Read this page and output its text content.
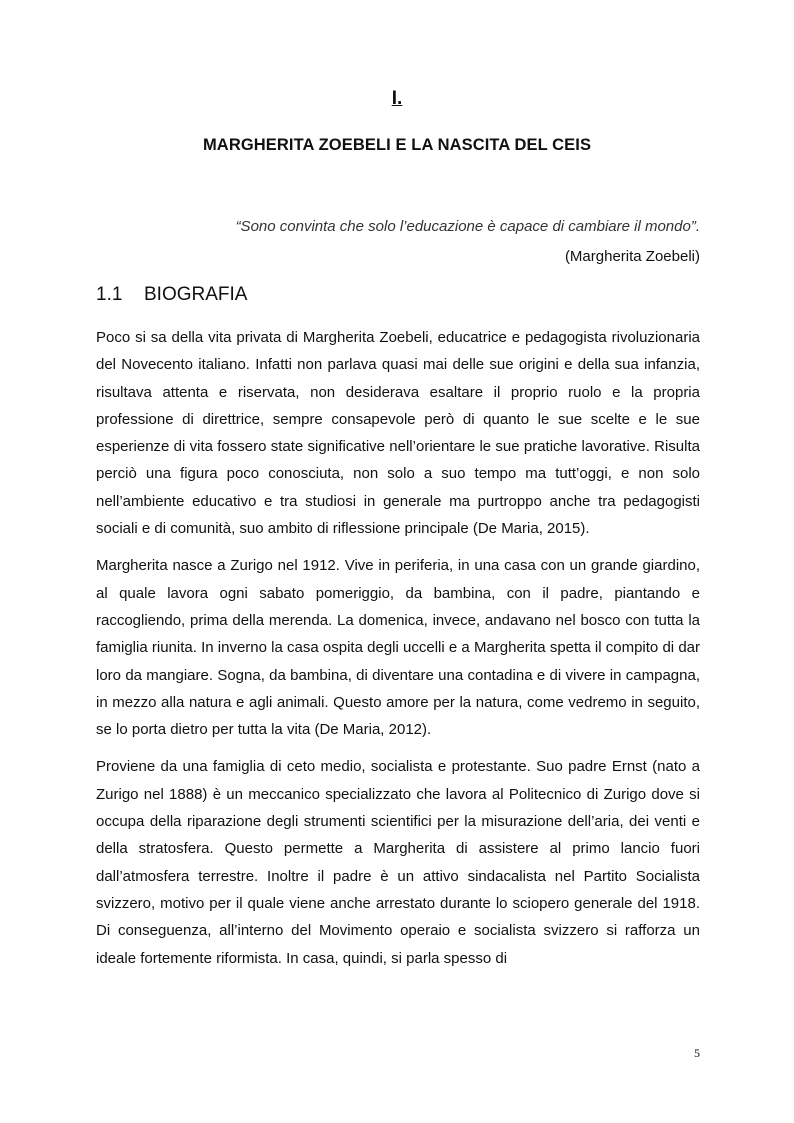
I.
MARGHERITA ZOEBELI E LA NASCITA DEL CEIS
“Sono convinta che solo l’educazione è capace di cambiare il mondo”.
(Margherita Zoebeli)
1.1 BIOGRAFIA

Poco si sa della vita privata di Margherita Zoebeli, educatrice e pedagogista rivoluzionaria del Novecento italiano. Infatti non parlava quasi mai delle sue origini e della sua infanzia, risultava attenta e riservata, non desiderava esaltare il proprio ruolo e la propria professione di direttrice, sempre consapevole però di quanto le sue scelte e le sue esperienze di vita fossero state significative nell’orientare le sue pratiche lavorative. Risulta perciò una figura poco conosciuta, non solo a suo tempo ma tutt’oggi, e non solo nell’ambiente educativo e tra studiosi in generale ma purtroppo anche tra pedagogisti sociali e di comunità, suo ambito di riflessione principale (De Maria, 2015).

Margherita nasce a Zurigo nel 1912. Vive in periferia, in una casa con un grande giardino, al quale lavora ogni sabato pomeriggio, da bambina, con il padre, piantando e raccogliendo, prima della merenda. La domenica, invece, andavano nel bosco con tutta la famiglia riunita. In inverno la casa ospita degli uccelli e a Margherita spetta il compito di dar loro da mangiare. Sogna, da bambina, di diventare una contadina e di vivere in campagna, in mezzo alla natura e agli animali. Questo amore per la natura, come vedremo in seguito, se lo porta dietro per tutta la vita (De Maria, 2012).

Proviene da una famiglia di ceto medio, socialista e protestante. Suo padre Ernst (nato a Zurigo nel 1888) è un meccanico specializzato che lavora al Politecnico di Zurigo dove si occupa della riparazione degli strumenti scientifici per la misurazione dell’aria, dei venti e della stratosfera. Questo permette a Margherita di assistere al primo lancio fuori dall’atmosfera terrestre. Inoltre il padre è un attivo sindacalista nel Partito Socialista svizzero, motivo per il quale viene anche arrestato durante lo sciopero generale del 1918. Di conseguenza, all’interno del Movimento operaio e socialista svizzero si rafforza un ideale fortemente riformista. In casa, quindi, si parla spesso di

5
